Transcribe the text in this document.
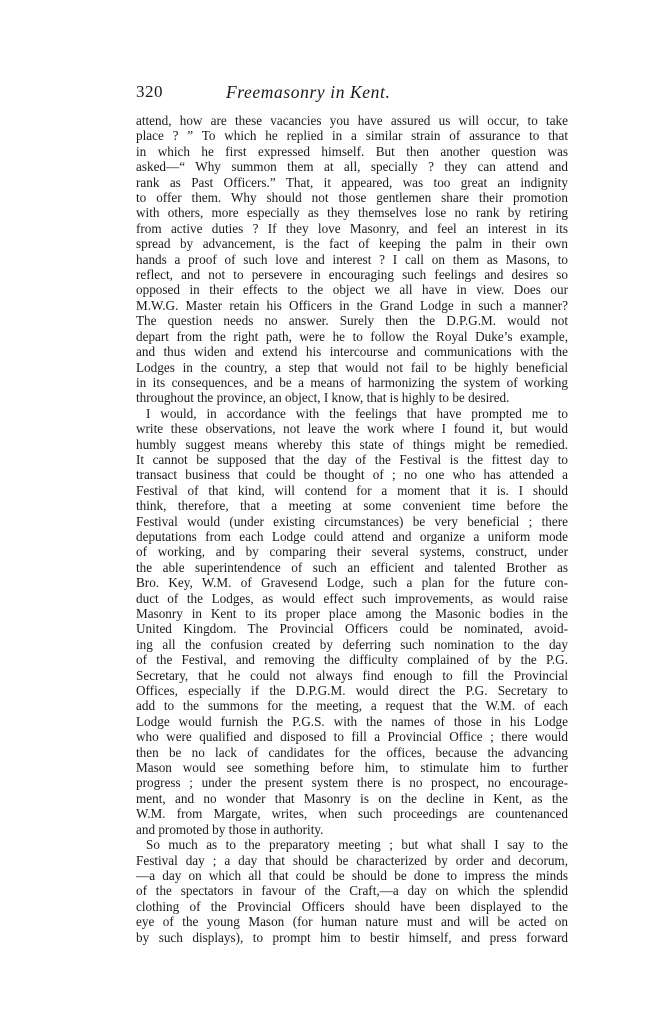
320	Freemasonry in Kent.
attend, how are these vacancies you have assured us will occur, to take
place ? ” To which he replied in a similar strain of assurance to that
in which he first expressed himself. But then another question was
asked—“ Why summon them at all, specially ? they can attend and
rank as Past Officers.” That, it appeared, was too great an indignity
to offer them. Why should not those gentlemen share their promotion
with others, more especially as they themselves lose no rank by retiring
from active duties ? If they love Masonry, and feel an interest in its
spread by advancement, is the fact of keeping the palm in their own
hands a proof of such love and interest ? I call on them as Masons, to
reflect, and not to persevere in encouraging such feelings and desires so
opposed in their effects to the object we all have in view. Does our
M.W.G. Master retain his Officers in the Grand Lodge in such a manner?
The question needs no answer. Surely then the D.P.G.M. would not
depart from the right path, were he to follow the Royal Duke’s example,
and thus widen and extend his intercourse and communications with the
Lodges in the country, a step that would not fail to be highly beneficial
in its consequences, and be a means of harmonizing the system of working
throughout the province, an object, I know, that is highly to be desired.
I would, in accordance with the feelings that have prompted me to
write these observations, not leave the work where I found it, but would
humbly suggest means whereby this state of things might be remedied.
It cannot be supposed that the day of the Festival is the fittest day to
transact business that could be thought of ; no one who has attended a
Festival of that kind, will contend for a moment that it is. I should
think, therefore, that a meeting at some convenient time before the
Festival would (under existing circumstances) be very beneficial ; there
deputations from each Lodge could attend and organize a uniform mode
of working, and by comparing their several systems, construct, under
the able superintendence of such an efficient and talented Brother as
Bro. Key, W.M. of Gravesend Lodge, such a plan for the future con-
duct of the Lodges, as would effect such improvements, as would raise
Masonry in Kent to its proper place among the Masonic bodies in the
United Kingdom. The Provincial Officers could be nominated, avoid-
ing all the confusion created by deferring such nomination to the day
of the Festival, and removing the difficulty complained of by the P.G.
Secretary, that he could not always find enough to fill the Provincial
Offices, especially if the D.P.G.M. would direct the P.G. Secretary to
add to the summons for the meeting, a request that the W.M. of each
Lodge would furnish the P.G.S. with the names of those in his Lodge
who were qualified and disposed to fill a Provincial Office ; there would
then be no lack of candidates for the offices, because the advancing
Mason would see something before him, to stimulate him to further
progress ; under the present system there is no prospect, no encourage-
ment, and no wonder that Masonry is on the decline in Kent, as the
W.M. from Margate, writes, when such proceedings are countenanced
and promoted by those in authority.
So much as to the preparatory meeting ; but what shall I say to the
Festival day ; a day that should be characterized by order and decorum,
—a day on which all that could be should be done to impress the minds
of the spectators in favour of the Craft,—a day on which the splendid
clothing of the Provincial Officers should have been displayed to the
eye of the young Mason (for human nature must and will be acted on
by such displays), to prompt him to bestir himself, and press forward
